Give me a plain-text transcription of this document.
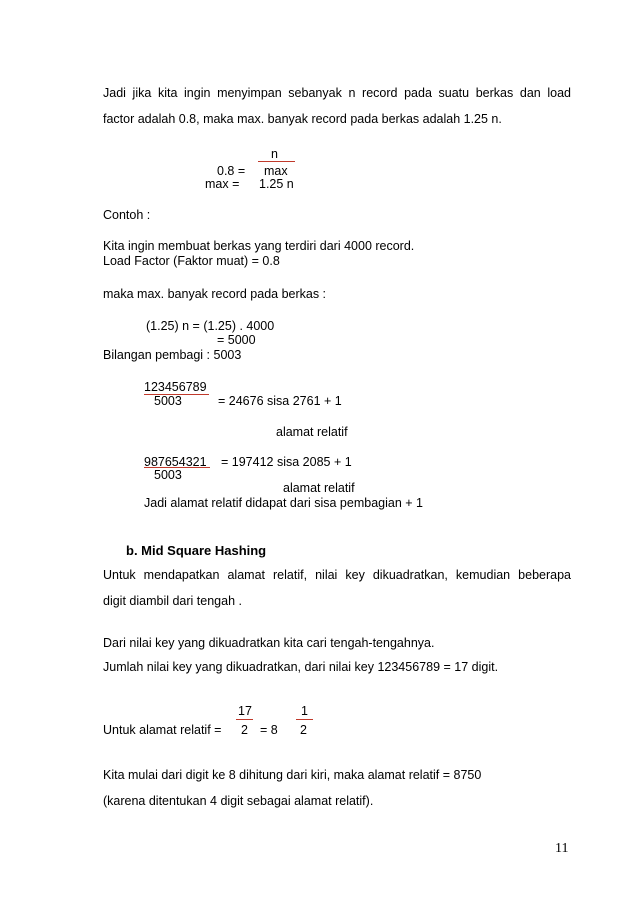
Jadi jika kita ingin menyimpan sebanyak n record pada suatu berkas dan load
factor adalah 0.8, maka max. banyak record pada berkas adalah 1.25 n.
n
0.8 = max
max = 1.25 n
Contoh :
Kita ingin membuat berkas yang terdiri dari 4000 record.
Load Factor (Faktor muat) = 0.8
maka max. banyak record pada berkas :
(1.25) n = (1.25) . 4000
= 5000
Bilangan pembagi : 5003
123456789
5003	= 24676 sisa 2761 + 1
alamat relatif
987654321 = 197412 sisa 2085 + 1
5003
alamat relatif
Jadi alamat relatif didapat dari sisa pembagian + 1
b. Mid Square Hashing
Untuk mendapatkan alamat relatif, nilai key dikuadratkan, kemudian beberapa
digit diambil dari tengah .
Dari nilai key yang dikuadratkan kita cari tengah-tengahnya.
Jumlah nilai key yang dikuadratkan, dari nilai key 123456789 = 17 digit.
17	1
Untuk alamat relatif = 2 = 8 2
Kita mulai dari digit ke 8 dihitung dari kiri, maka alamat relatif = 8750
(karena ditentukan 4 digit sebagai alamat relatif).
11
